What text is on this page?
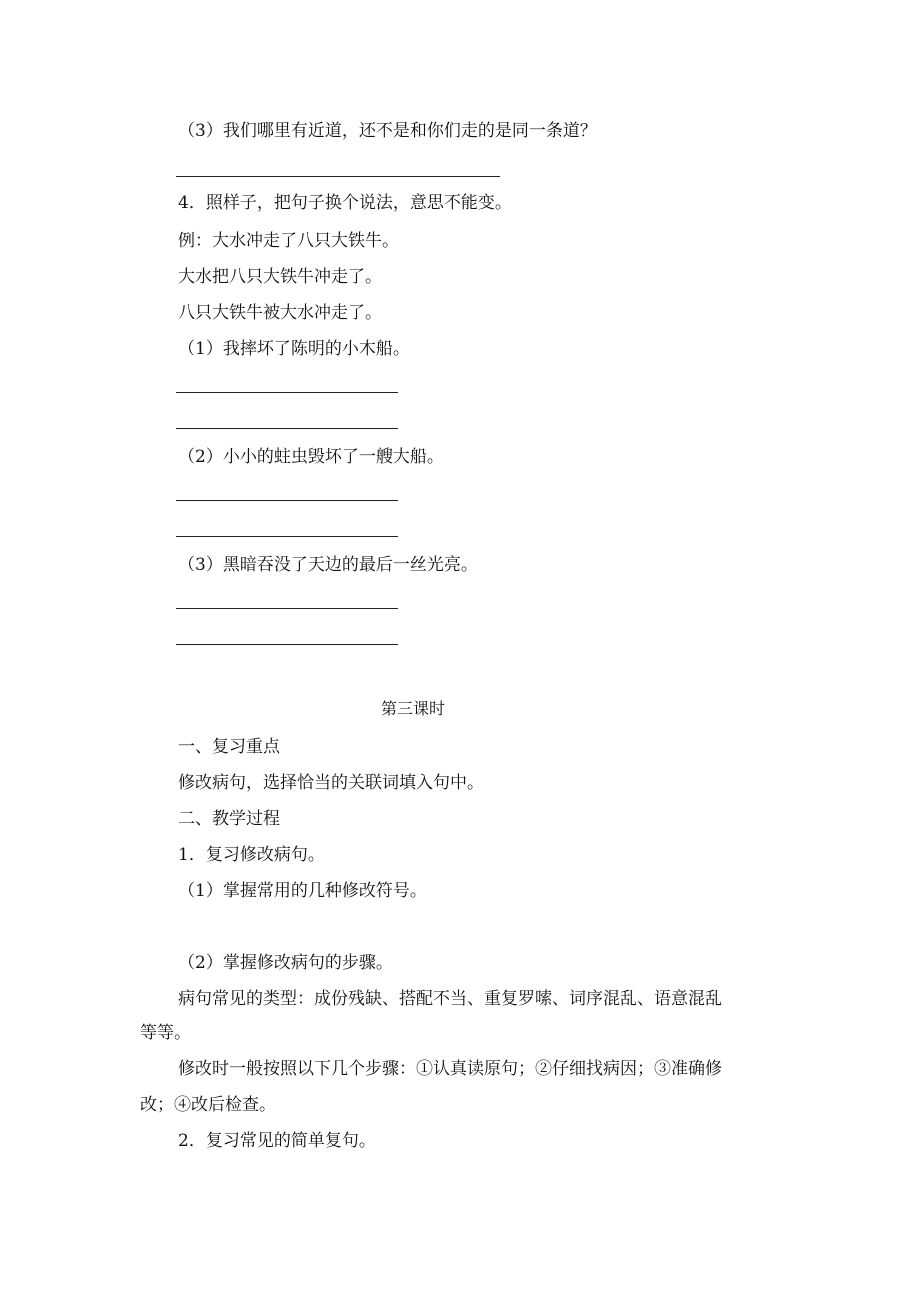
（3）我们哪里有近道，还不是和你们走的是同一条道？

4．照样子，把句子换个说法，意思不能变。

例：大水冲走了八只大铁牛。

大水把八只大铁牛冲走了。

八只大铁牛被大水冲走了。

（1）我摔坏了陈明的小木船。

（2）小小的蛀虫毁坏了一艘大船。

（3）黑暗吞没了天边的最后一丝光亮。

第三课时

一、复习重点

修改病句，选择恰当的关联词填入句中。

二、教学过程

1．复习修改病句。

（1）掌握常用的几种修改符号。

（2）掌握修改病句的步骤。

病句常见的类型：成份残缺、搭配不当、重复罗嗦、词序混乱、语意混乱

等等。

修改时一般按照以下几个步骤：①认真读原句；②仔细找病因；③准确修

改；④改后检查。

2．复习常见的简单复句。
